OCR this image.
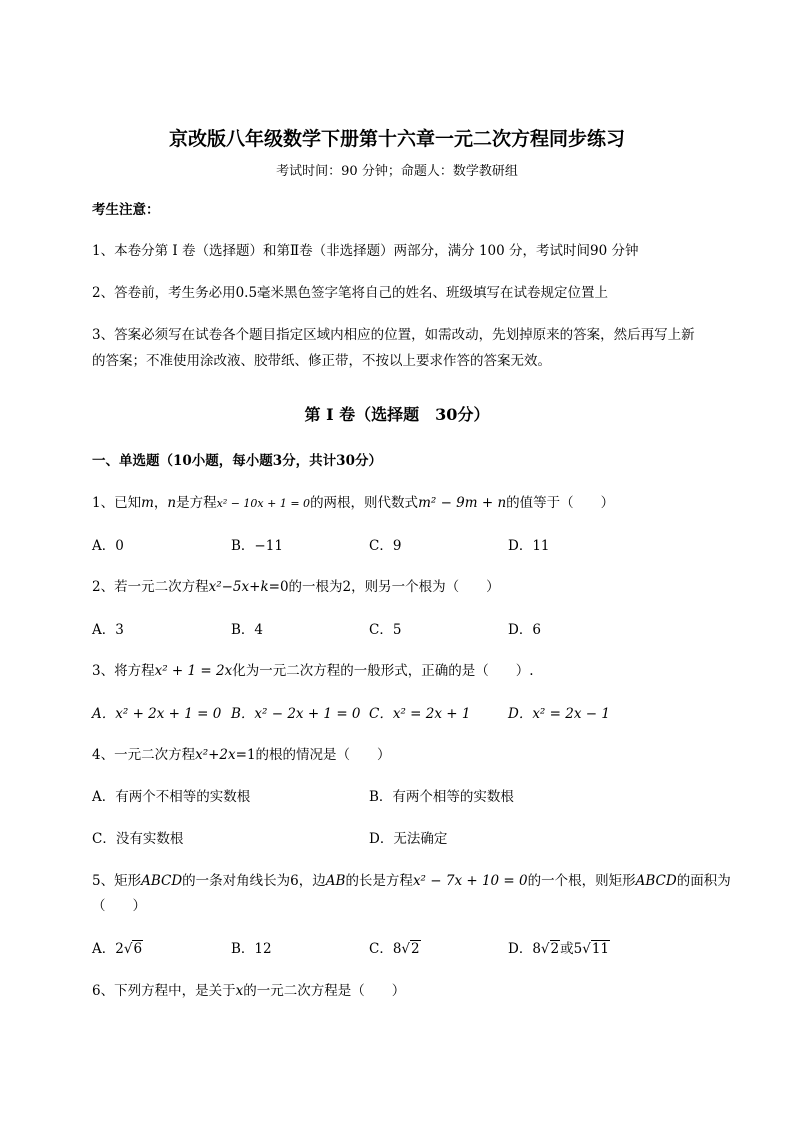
京改版八年级数学下册第十六章一元二次方程同步练习
考试时间：90 分钟；命题人：数学教研组
考生注意：
1、本卷分第 I 卷（选择题）和第Ⅱ卷（非选择题）两部分，满分 100 分，考试时间90 分钟
2、答卷前，考生务必用0.5毫米黑色签字笔将自己的姓名、班级填写在试卷规定位置上
3、答案必须写在试卷各个题目指定区域内相应的位置，如需改动，先划掉原来的答案，然后再写上新
的答案；不准使用涂改液、胶带纸、修正带，不按以上要求作答的答案无效。
第 I 卷（选择题　30分）
一、单选题（10小题，每小题3分，共计30分）
1、已知m，n是方程x² − 10x + 1 = 0的两根，则代数式m² − 9m + n的值等于（　　）
A．0	B．−11	C．9	D．11
2、若一元二次方程x²−5x+k=0的一根为2，则另一个根为（　　）
A．3	B．4	C．5	D．6
3、将方程x² + 1 = 2x化为一元二次方程的一般形式，正确的是（　　）.
A．x² + 2x + 1 = 0 B．x² − 2x + 1 = 0 C．x² = 2x + 1	D．x² = 2x − 1
4、一元二次方程x²+2x=1的根的情况是（　　）
A．有两个不相等的实数根	B．有两个相等的实数根
C．没有实数根	D．无法确定
5、矩形ABCD的一条对角线长为6，边AB的长是方程x² − 7x + 10 = 0的一个根，则矩形ABCD的面积为
（　　）
A．2√6	B．12	C．8√2	D．8√2或5√11
6、下列方程中，是关于x的一元二次方程是（　　）
